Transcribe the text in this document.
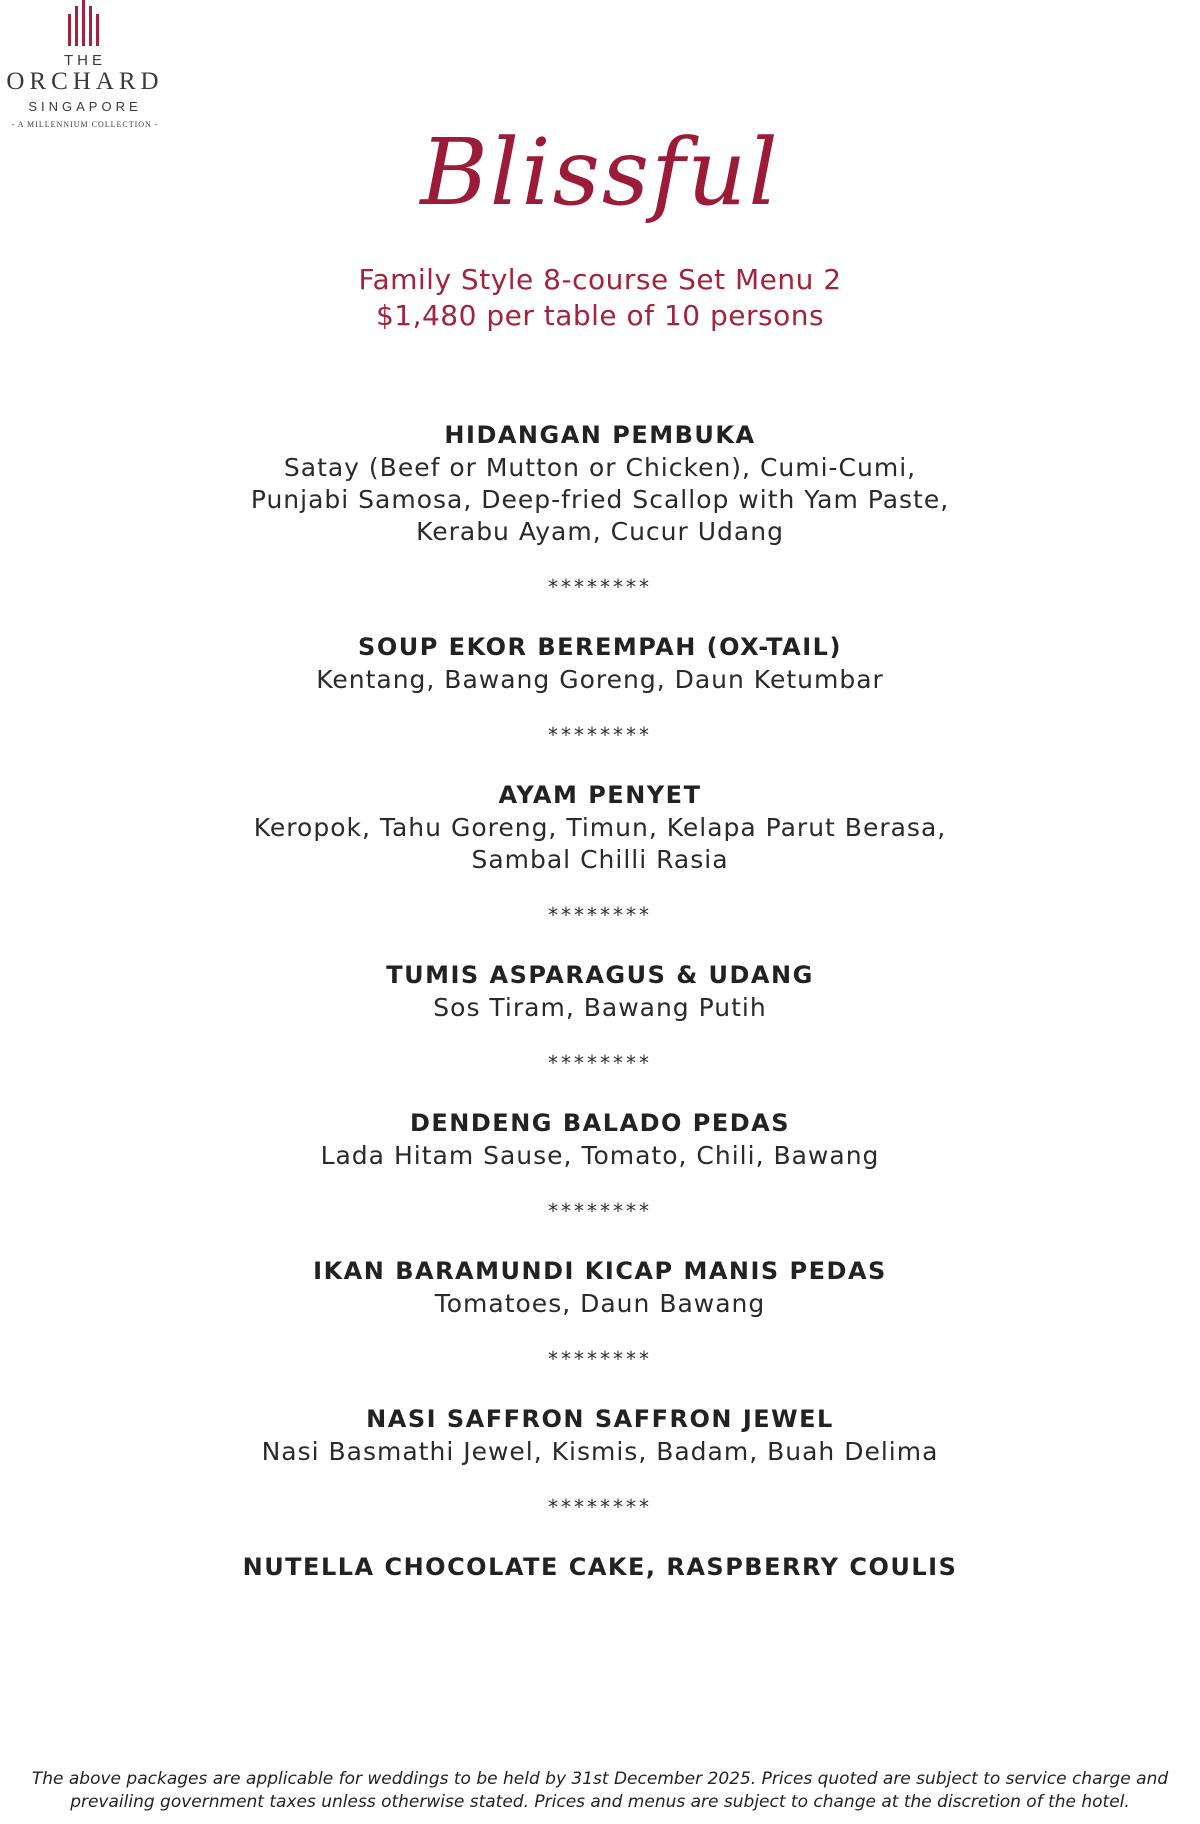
THE
ORCHARD
SINGAPORE
- A MILLENNIUM COLLECTION -	Blissful
Family Style 8-course Set Menu 2
$1,480 per table of 10 persons
HIDANGAN PEMBUKA
Satay (Beef or Mutton or Chicken), Cumi-Cumi,
Punjabi Samosa, Deep-fried Scallop with Yam Paste,
Kerabu Ayam, Cucur Udang
********
SOUP EKOR BEREMPAH (OX-TAIL)
Kentang, Bawang Goreng, Daun Ketumbar
********
AYAM PENYET
Keropok, Tahu Goreng, Timun, Kelapa Parut Berasa,
Sambal Chilli Rasia
********
TUMIS ASPARAGUS & UDANG
Sos Tiram, Bawang Putih
********
DENDENG BALADO PEDAS
Lada Hitam Sause, Tomato, Chili, Bawang
********
IKAN BARAMUNDI KICAP MANIS PEDAS
Tomatoes, Daun Bawang
********
NASI SAFFRON SAFFRON JEWEL
Nasi Basmathi Jewel, Kismis, Badam, Buah Delima
********
NUTELLA CHOCOLATE CAKE, RASPBERRY COULIS
The above packages are applicable for weddings to be held by 31st December 2025. Prices quoted are subject to service charge and
prevailing government taxes unless otherwise stated. Prices and menus are subject to change at the discretion of the hotel.
